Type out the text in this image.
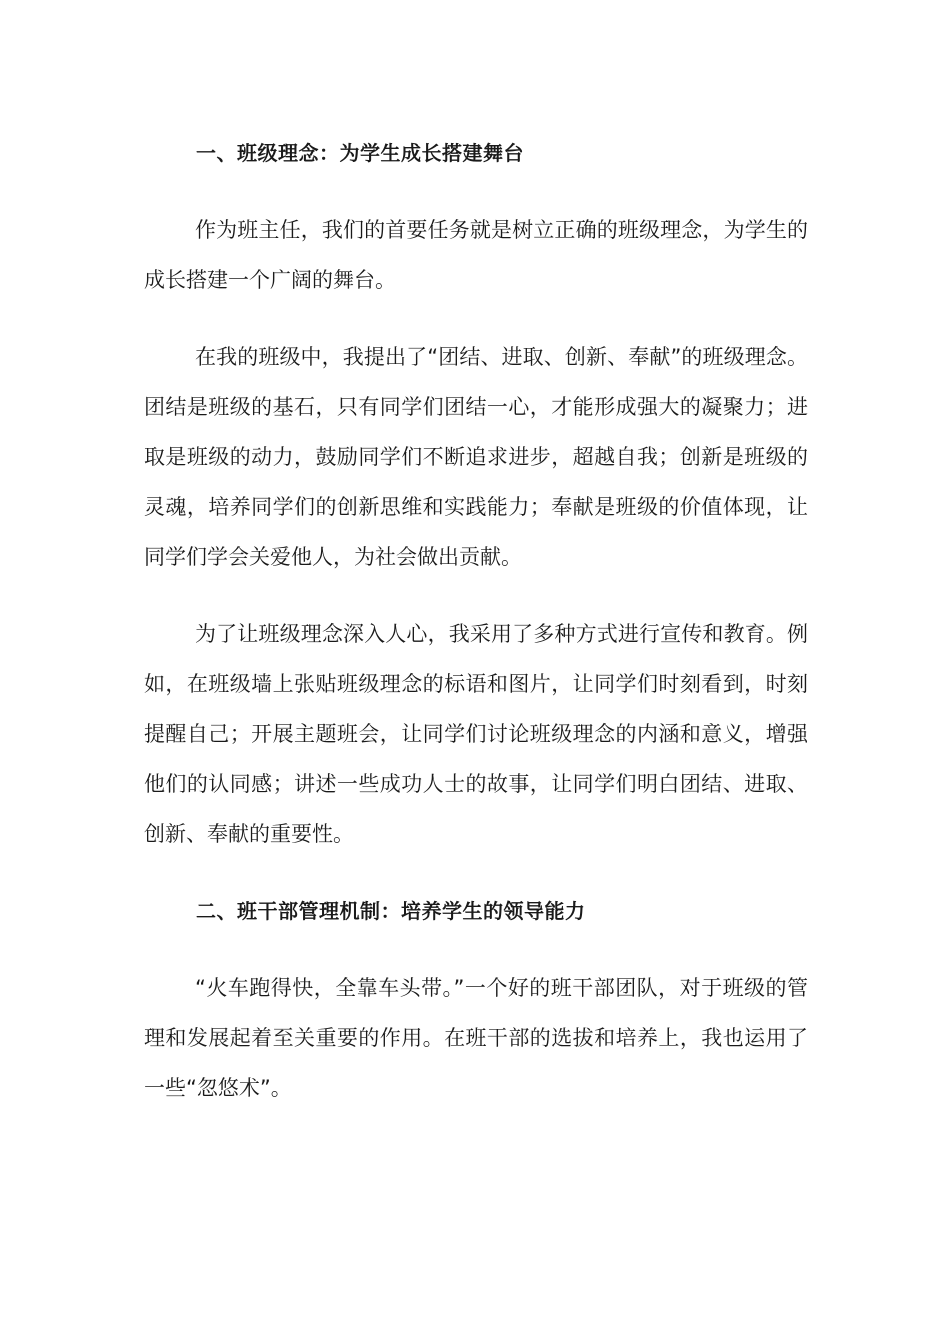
一、班级理念：为学生成长搭建舞台

作为班主任，我们的首要任务就是树立正确的班级理念，为学生的成长搭建一个广阔的舞台。

在我的班级中，我提出了“团结、进取、创新、奉献”的班级理念。团结是班级的基石，只有同学们团结一心，才能形成强大的凝聚力；进取是班级的动力，鼓励同学们不断追求进步，超越自我；创新是班级的灵魂，培养同学们的创新思维和实践能力；奉献是班级的价值体现，让同学们学会关爱他人，为社会做出贡献。

为了让班级理念深入人心，我采用了多种方式进行宣传和教育。例如，在班级墙上张贴班级理念的标语和图片，让同学们时刻看到，时刻提醒自己；开展主题班会，让同学们讨论班级理念的内涵和意义，增强他们的认同感；讲述一些成功人士的故事，让同学们明白团结、进取、创新、奉献的重要性。

二、班干部管理机制：培养学生的领导能力

“火车跑得快，全靠车头带。”一个好的班干部团队，对于班级的管理和发展起着至关重要的作用。在班干部的选拔和培养上，我也运用了一些“忽悠术”。
